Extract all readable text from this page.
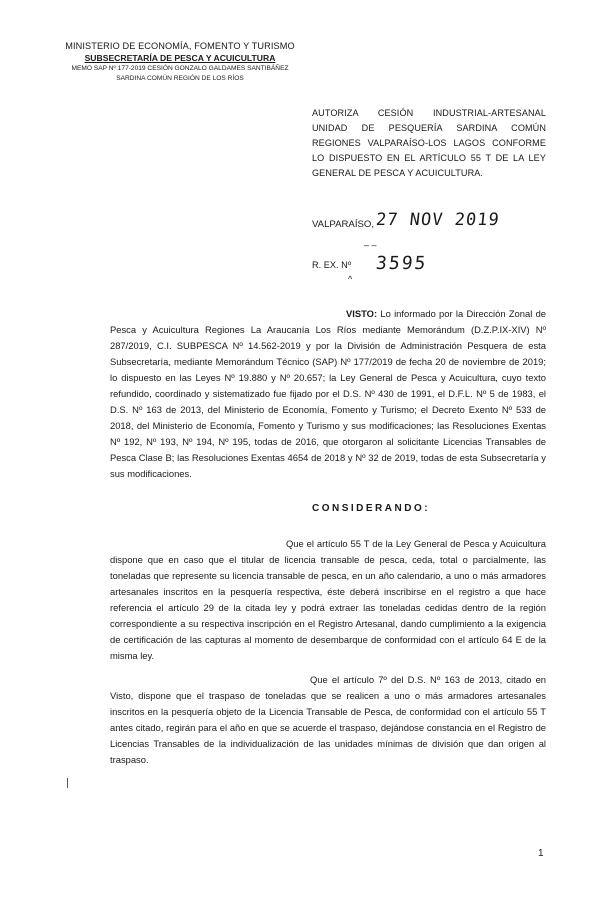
MINISTERIO DE ECONOMÍA, FOMENTO Y TURISMO
SUBSECRETARÍA DE PESCA Y ACUICULTURA
MEMO SAP Nº 177-2019 CESIÓN GONZALO GALDAMES SANTIBÁÑEZ
SARDINA COMÚN REGIÓN DE LOS RÍOS
AUTORIZA CESIÓN INDUSTRIAL-ARTESANAL UNIDAD DE PESQUERÍA SARDINA COMÚN REGIONES VALPARAÍSO-LOS LAGOS CONFORME LO DISPUESTO EN EL ARTÍCULO 55 T DE LA LEY GENERAL DE PESCA Y ACUICULTURA.
VALPARAÍSO, 27 NOV 2019
– –
R. EX. Nº 3595
^
VISTO: Lo informado por la Dirección Zonal de Pesca y Acuicultura Regiones La Araucanía Los Ríos mediante Memorándum (D.Z.P.IX-XIV) Nº 287/2019, C.I. SUBPESCA Nº 14.562-2019 y por la División de Administración Pesquera de esta Subsecretaría, mediante Memorándum Técnico (SAP) Nº 177/2019 de fecha 20 de noviembre de 2019; lo dispuesto en las Leyes Nº 19.880 y Nº 20.657; la Ley General de Pesca y Acuicultura, cuyo texto refundido, coordinado y sistematizado fue fijado por el D.S. Nº 430 de 1991, el D.F.L. Nº 5 de 1983, el D.S. Nº 163 de 2013, del Ministerio de Economía, Fomento y Turismo; el Decreto Exento Nº 533 de 2018, del Ministerio de Economía, Fomento y Turismo y sus modificaciones; las Resoluciones Exentas Nº 192, Nº 193, Nº 194, Nº 195, todas de 2016, que otorgaron al solicitante Licencias Transables de Pesca Clase B; las Resoluciones Exentas 4654 de 2018 y Nº 32 de 2019, todas de esta Subsecretaría y sus modificaciones.
CONSIDERANDO:
Que el artículo 55 T de la Ley General de Pesca y Acuicultura dispone que en caso que el titular de licencia transable de pesca, ceda, total o parcialmente, las toneladas que represente su licencia transable de pesca, en un año calendario, a uno o más armadores artesanales inscritos en la pesquería respectiva, éste deberá inscribirse en el registro a que hace referencia el artículo 29 de la citada ley y podrá extraer las toneladas cedidas dentro de la región correspondiente a su respectiva inscripción en el Registro Artesanal, dando cumplimiento a la exigencia de certificación de las capturas al momento de desembarque de conformidad con el artículo 64 E de la misma ley.
Que el artículo 7º del D.S. Nº 163 de 2013, citado en Visto, dispone que el traspaso de toneladas que se realicen a uno o más armadores artesanales inscritos en la pesquería objeto de la Licencia Transable de Pesca, de conformidad con el artículo 55 T antes citado, regirán para el año en que se acuerde el traspaso, dejándose constancia en el Registro de Licencias Transables de la individualización de las unidades mínimas de división que dan origen al traspaso.
1
